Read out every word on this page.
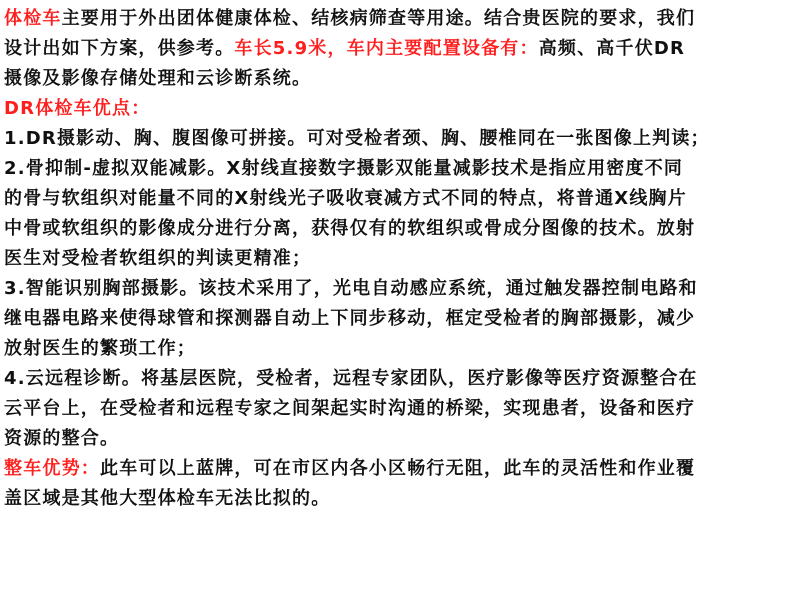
体检车主要用于外出团体健康体检、结核病筛查等用途。结合贵医院的要求，我们
设计出如下方案，供参考。车长5.9米，车内主要配置设备有：高频、高千伏DR
摄像及影像存储处理和云诊断系统。
DR体检车优点：
1.DR摄影动、胸、腹图像可拼接。可对受检者颈、胸、腰椎同在一张图像上判读；
2.骨抑制-虚拟双能减影。X射线直接数字摄影双能量减影技术是指应用密度不同
的骨与软组织对能量不同的X射线光子吸收衰减方式不同的特点，将普通X线胸片
中骨或软组织的影像成分进行分离，获得仅有的软组织或骨成分图像的技术。放射
医生对受检者软组织的判读更精准；
3.智能识别胸部摄影。该技术采用了，光电自动感应系统，通过触发器控制电路和
继电器电路来使得球管和探测器自动上下同步移动，框定受检者的胸部摄影，减少
放射医生的繁琐工作；
4.云远程诊断。将基层医院，受检者，远程专家团队，医疗影像等医疗资源整合在
云平台上，在受检者和远程专家之间架起实时沟通的桥梁，实现患者，设备和医疗
资源的整合。
整车优势：此车可以上蓝牌，可在市区内各小区畅行无阻，此车的灵活性和作业覆
盖区域是其他大型体检车无法比拟的。
